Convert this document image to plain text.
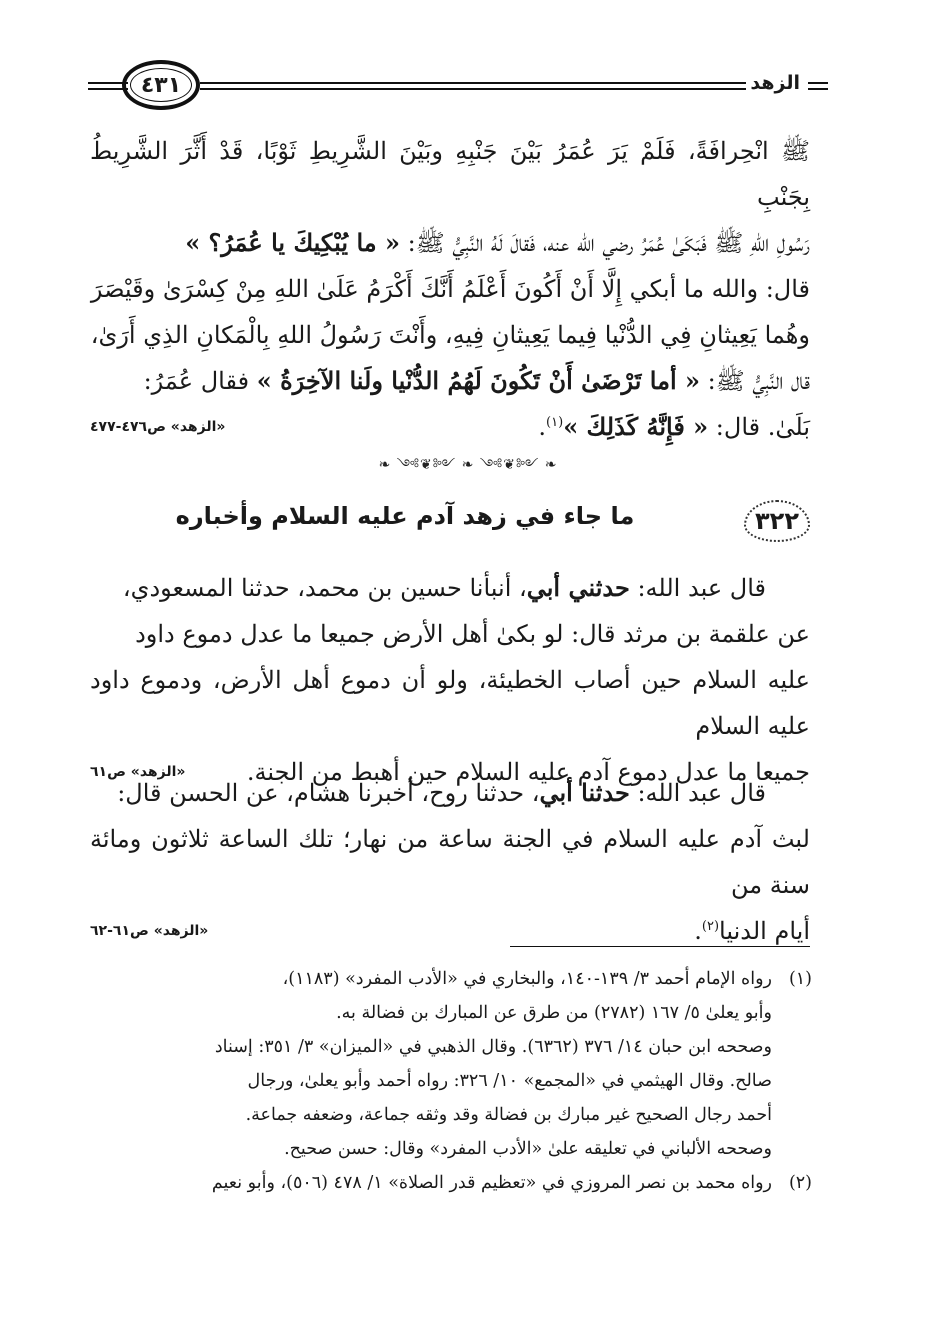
٤٣١	الزهد

ﷺ انْحِرافَةً، فَلَمْ يَرَ عُمَرُ بَيْنَ جَنْبِهِ وبَيْنَ الشَّرِيطِ ثَوْبًا، قَدْ أَثَّرَ الشَّرِيطُ بِجَنْبِ

رَسُولِ اللهِ ﷺ فَبَكَىٰ عُمَرُ رضي الله عنه، فَقالَ لَهُ النَّبِيُّ ﷺ: « ما يُبْكِيكَ يا عُمَرُ؟ »

قال: والله ما أبكي إِلَّا أَنْ أَكُونَ أَعْلَمُ أَنَّكَ أَكْرَمُ عَلَىٰ اللهِ مِنْ كِسْرَىٰ وقَيْصَرَ

وهُما يَعِيثانِ فِي الدُّنْيا فِيما يَعِيثانِ فِيهِ، وأَنْتَ رَسُولُ اللهِ بِالْمَكانِ الذِي أَرَىٰ،

قال النَّبِيُّ ﷺ: « أما تَرْضَىٰ أَنْ تَكُونَ لَهُمُ الدُّنْيا ولَنا الآخِرَةُ » فقال عُمَرُ:

بَلَىٰ. قال: « فَإِنَّهُ كَذَلِكَ »$^{(١)}$.
«الزهد» ص٤٧٦-٤٧٧

❧ ༺❦༻ ❧ ༺❦༻ ❧
٣٢٢
ما جاء في زهد آدم عليه السلام وأخباره

قال عبد الله: حدثني أبي، أنبأنا حسين بن محمد، حدثنا المسعودي،

عن علقمة بن مرثد قال: لو بكىٰ أهل الأرض جميعا ما عدل دموع داود

عليه السلام حين أصاب الخطيئة، ولو أن دموع أهل الأرض، ودموع داود عليه السلام

جميعا ما عدل دموع آدم عليه السلام حين أهبط من الجنة.
«الزهد» ص٦١

قال عبد الله: حدثنا أبي، حدثنا روح، أخبرنا هشام، عن الحسن قال:

لبث آدم عليه السلام في الجنة ساعة من نهار؛ تلك الساعة ثلاثون ومائة سنة من

أيام الدنيا$^{(٢)}$.
«الزهد» ص٦١-٦٢

(١)

رواه الإمام أحمد ٣/ ١٣٩-١٤٠، والبخاري في «الأدب المفرد» (١١٨٣)،

وأبو يعلىٰ ٥/ ١٦٧ (٢٧٨٢) من طرق عن المبارك بن فضالة به.

وصححه ابن حبان ١٤/ ٣٧٦ (٦٣٦٢). وقال الذهبي في «الميزان» ٣/ ٣٥١: إسناد

صالح. وقال الهيثمي في «المجمع» ١٠/ ٣٢٦: رواه أحمد وأبو يعلىٰ، ورجال

أحمد رجال الصحيح غير مبارك بن فضالة وقد وثقه جماعة، وضعفه جماعة.

وصححه الألباني في تعليقه علىٰ «الأدب المفرد» وقال: حسن صحيح.

(٢)

رواه محمد بن نصر المروزي في «تعظيم قدر الصلاة» ١/ ٤٧٨ (٥٠٦)، وأبو نعيم
